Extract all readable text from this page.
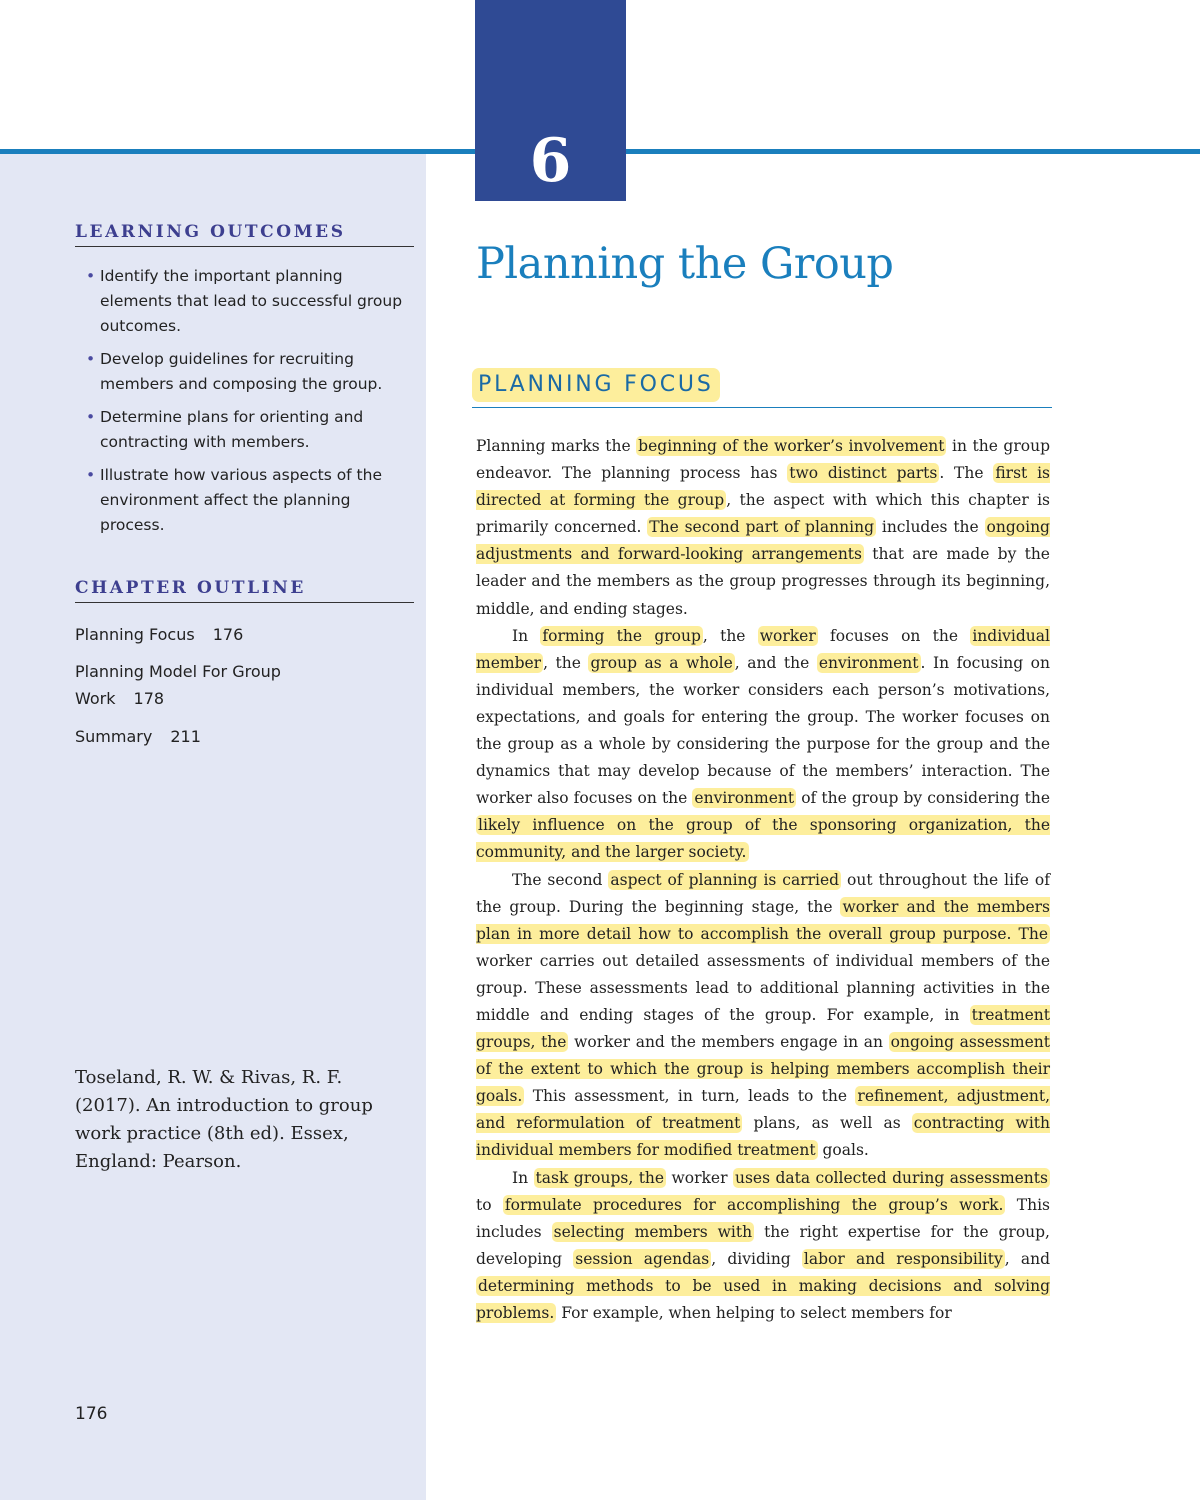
6
LEARNING OUTCOMES
• Identify the important planning elements that lead to successful group outcomes.
• Develop guidelines for recruiting members and composing the group.
• Determine plans for orienting and contracting with members.
• Illustrate how various aspects of the environment affect the planning process.
CHAPTER OUTLINE
Planning Focus 176
Planning Model For Group Work 178
Summary 211
Toseland, R. W. & Rivas, R. F. (2017). An introduction to group work practice (8th ed). Essex, England: Pearson.
176
Planning the Group
PLANNING FOCUS

Planning marks the beginning of the worker’s involvement in the group endeavor. The planning process has two distinct parts . The first is directed at forming the group , the aspect with which this chapter is primarily concerned. The second part of planning includes the ongoing adjustments and forward-looking arrangements that are made by the leader and the members as the group progresses through its beginning, middle, and ending stages.

In forming the group , the worker focuses on the individual member , the group as a whole , and the environment . In focusing on individual members, the worker considers each person’s motivations, expectations, and goals for entering the group. The worker focuses on the group as a whole by considering the purpose for the group and the dynamics that may develop because of the members’ interaction. The worker also focuses on the environment of the group by considering the likely influence on the group of the sponsoring organization, the community, and the larger society.

The second aspect of planning is carried out throughout the life of the group. During the beginning stage, the worker and the members plan in more detail how to accomplish the overall group purpose. The worker carries out detailed assessments of individual members of the group. These assessments lead to additional planning activities in the middle and ending stages of the group. For example, in treatment groups, the worker and the members engage in an ongoing assessment of the extent to which the group is helping members accomplish their goals. This assessment, in turn, leads to the refinement, adjustment, and reformulation of treatment plans, as well as contracting with individual members for modified treatment goals.

In task groups, the worker uses data collected during assessments to formulate procedures for accomplishing the group’s work. This includes selecting members with the right expertise for the group, developing session agendas , dividing labor and responsibility , and determining methods to be used in making decisions and solving problems. For example, when helping to select members for
